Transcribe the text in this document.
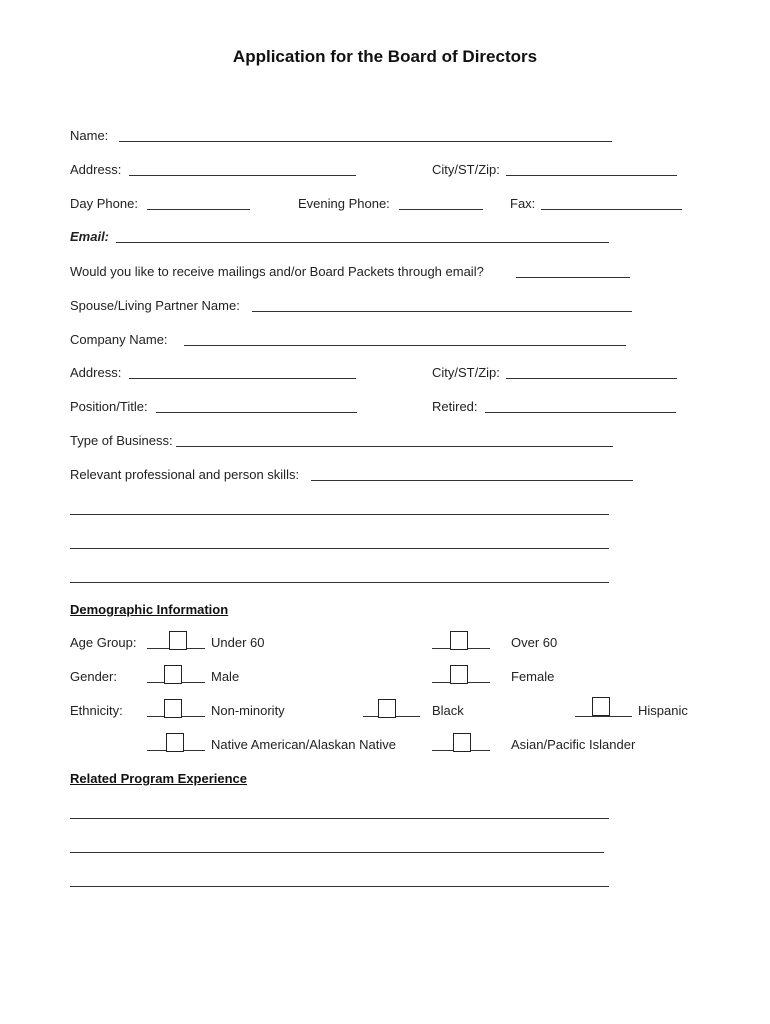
Application for the Board of Directors
Name:
Address:	City/ST/Zip:
Day Phone:	Evening Phone:	Fax:
Email:
Would you like to receive mailings and/or Board Packets through email?
Spouse/Living Partner Name:
Company Name:
Address:	City/ST/Zip:
Position/Title:	Retired:
Type of Business:
Relevant professional and person skills:
Demographic Information
Age Group:	Under 60	Over 60
Gender:	Male	Female
Ethnicity:	Non-minority	Black	Hispanic
Native American/Alaskan Native	Asian/Pacific Islander
Related Program Experience
